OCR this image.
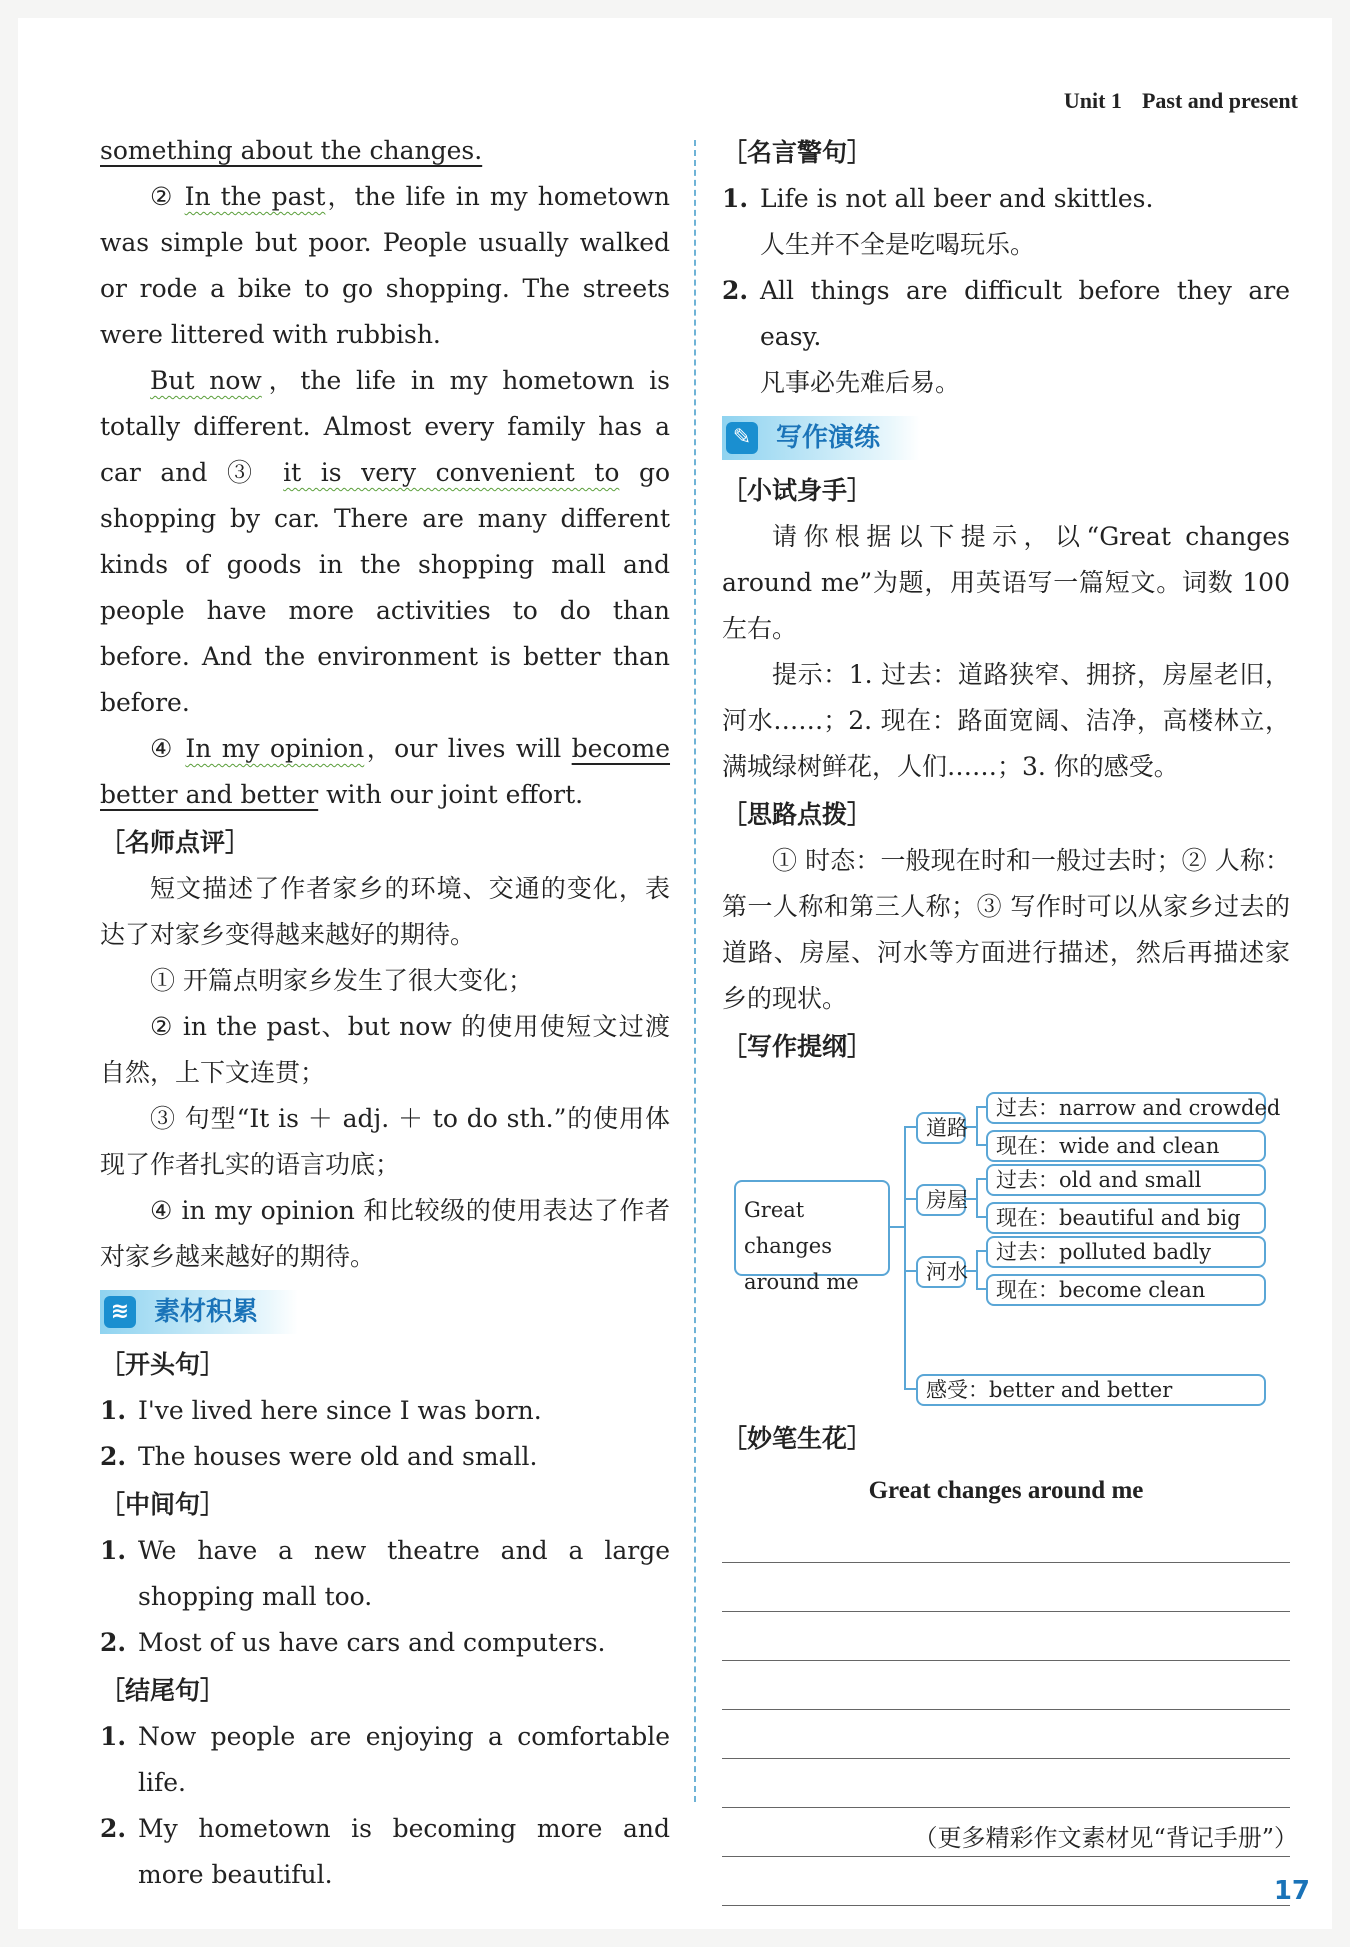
Unit 1 Past and present
something about the changes.
② In the past，the life in my hometown was simple but poor. People usually walked or rode a bike to go shopping. The streets were littered with rubbish.
But now，the life in my hometown is totally different. Almost every family has a car and ③ it is very convenient to go shopping by car. There are many different kinds of goods in the shopping mall and people have more activities to do than before. And the environment is better than before.
④ In my opinion，our lives will become better and better with our joint effort.
［名师点评］
短文描述了作者家乡的环境、交通的变化，表达了对家乡变得越来越好的期待。
① 开篇点明家乡发生了很大变化；
② in the past、but now 的使用使短文过渡自然，上下文连贯；
③ 句型“It is ＋ adj. ＋ to do sth.”的使用体现了作者扎实的语言功底；
④ in my opinion 和比较级的使用表达了作者对家乡越来越好的期待。
≋ 素材积累
［开头句］
1. I've lived here since I was born.
2. The houses were old and small.
［中间句］
1. We have a new theatre and a large shopping mall too.
2. Most of us have cars and computers.
［结尾句］
1. Now people are enjoying a comfortable life.
2. My hometown is becoming more and more beautiful.
［名言警句］
1. Life is not all beer and skittles.
人生并不全是吃喝玩乐。
2. All things are difficult before they are easy.
凡事必先难后易。
✎ 写作演练
［小试身手］
请你根据以下提示，以“Great changes around me”为题，用英语写一篇短文。词数 100 左右。
提示：1. 过去：道路狭窄、拥挤，房屋老旧，河水……；2. 现在：路面宽阔、洁净，高楼林立，满城绿树鲜花，人们……；3. 你的感受。
［思路点拨］
① 时态：一般现在时和一般过去时；② 人称：第一人称和第三人称；③ 写作时可以从家乡过去的道路、房屋、河水等方面进行描述，然后再描述家乡的现状。
［写作提纲］
Great changes around me
道路
房屋
河水
过去：narrow and crowded
现在：wide and clean
过去：old and small
现在：beautiful and big
过去：polluted badly
现在：become clean
感受：better and better
［妙笔生花］
Great changes around me
（更多精彩作文素材见“背记手册”）
17
